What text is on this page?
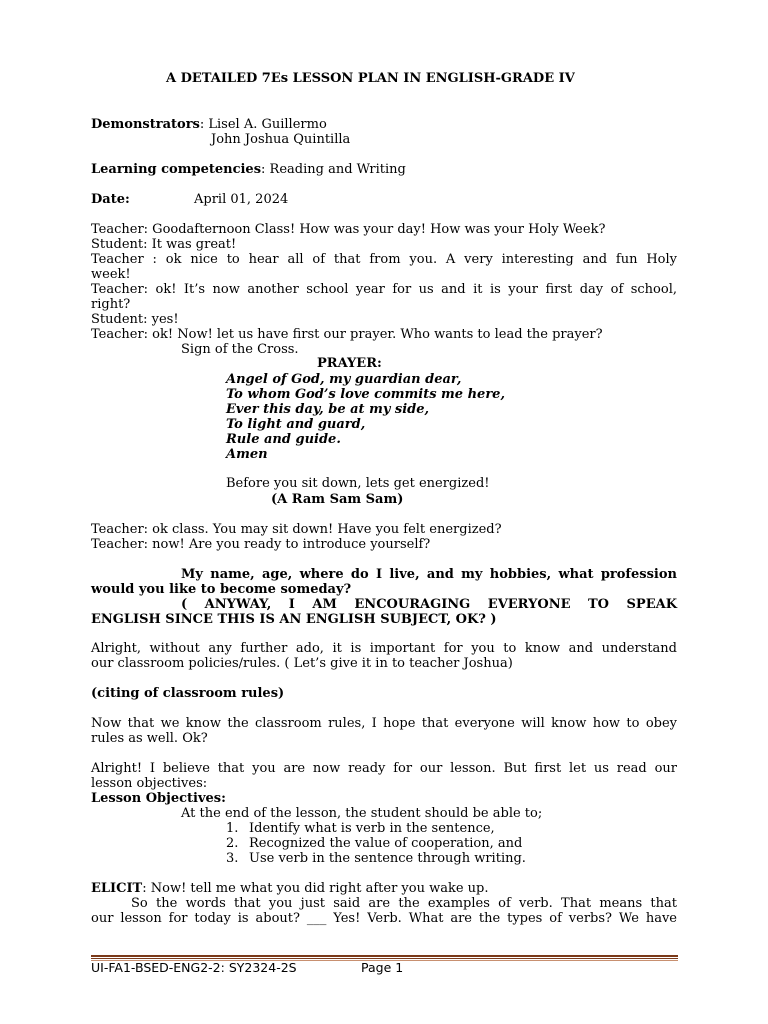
A DETAILED 7Es LESSON PLAN IN ENGLISH-GRADE IV
Demonstrators: Lisel A. Guillermo
John Joshua Quintilla
Learning competencies: Reading and Writing
Date:	April 01, 2024
Teacher: Goodafternoon Class! How was your day! How was your Holy Week?
Student: It was great!
Teacher : ok nice to hear all of that from you. A very interesting and fun Holy
week!
Teacher: ok! It’s now another school year for us and it is your first day of school,
right?
Student: yes!
Teacher: ok! Now! let us have first our prayer. Who wants to lead the prayer?
Sign of the Cross.
PRAYER:
Angel of God, my guardian dear,
To whom God’s love commits me here,
Ever this day, be at my side,
To light and guard,
Rule and guide.
Amen
Before you sit down, lets get energized!
(A Ram Sam Sam)
Teacher: ok class. You may sit down! Have you felt energized?
Teacher: now! Are you ready to introduce yourself?
My name, age, where do I live, and my hobbies, what profession
would you like to become someday?
( ANYWAY, I AM ENCOURAGING EVERYONE TO SPEAK
ENGLISH SINCE THIS IS AN ENGLISH SUBJECT, OK? )
Alright, without any further ado, it is important for you to know and understand
our classroom policies/rules. ( Let’s give it in to teacher Joshua)
(citing of classroom rules)
Now that we know the classroom rules, I hope that everyone will know how to obey
rules as well. Ok?
Alright! I believe that you are now ready for our lesson. But first let us read our
lesson objectives:
Lesson Objectives:
At the end of the lesson, the student should be able to;
1. Identify what is verb in the sentence,
2. Recognized the value of cooperation, and
3. Use verb in the sentence through writing.
ELICIT: Now! tell me what you did right after you wake up.
So the words that you just said are the examples of verb. That means that
our lesson for today is about? ___ Yes! Verb. What are the types of verbs? We have
UI-FA1-BSED-ENG2-2: SY2324-2S	Page 1
